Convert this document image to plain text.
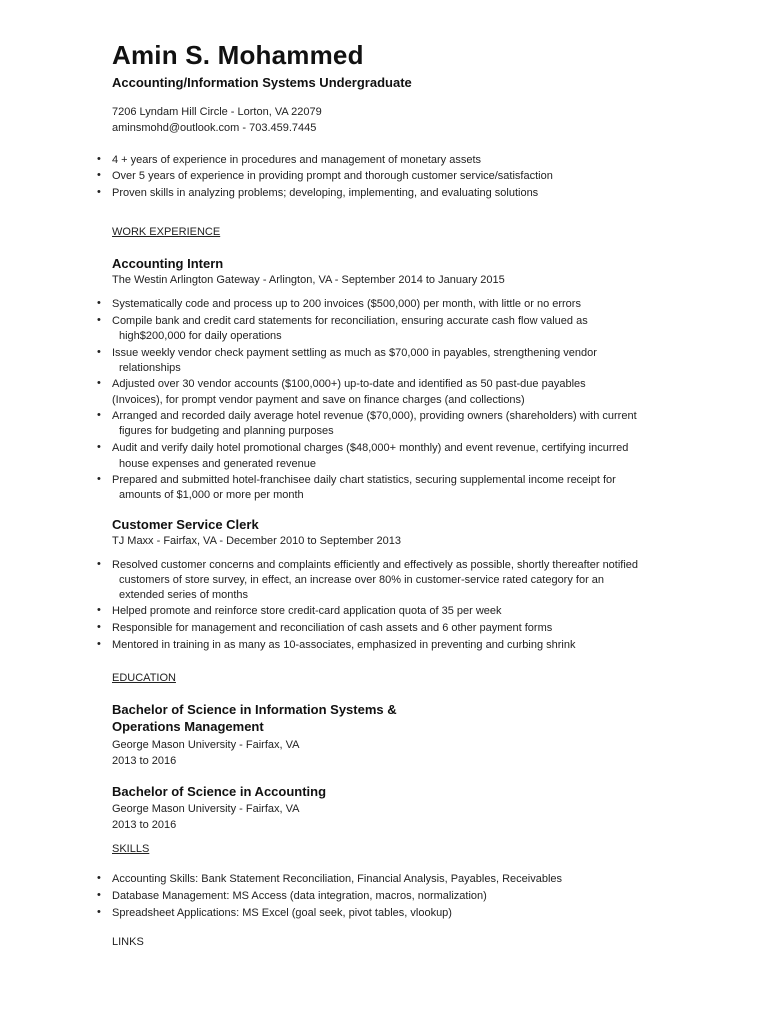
Amin S. Mohammed
Accounting/Information Systems Undergraduate
7206 Lyndam Hill Circle - Lorton, VA 22079
aminsmohd@outlook.com - 703.459.7445
• 4 + years of experience in procedures and management of monetary assets
• Over 5 years of experience in providing prompt and thorough customer service/satisfaction
• Proven skills in analyzing problems; developing, implementing, and evaluating solutions
WORK EXPERIENCE
Accounting Intern
The Westin Arlington Gateway - Arlington, VA - September 2014 to January 2015
• Systematically code and process up to 200 invoices ($500,000) per month, with little or no errors
• Compile bank and credit card statements for reconciliation, ensuring accurate cash flow valued as
high$200,000 for daily operations
• Issue weekly vendor check payment settling as much as $70,000 in payables, strengthening vendor
relationships
• Adjusted over 30 vendor accounts ($100,000+) up-to-date and identified as 50 past-due payables
(Invoices), for prompt vendor payment and save on finance charges (and collections)
• Arranged and recorded daily average hotel revenue ($70,000), providing owners (shareholders) with current
figures for budgeting and planning purposes
• Audit and verify daily hotel promotional charges ($48,000+ monthly) and event revenue, certifying incurred
house expenses and generated revenue
• Prepared and submitted hotel-franchisee daily chart statistics, securing supplemental income receipt for
amounts of $1,000 or more per month
Customer Service Clerk
TJ Maxx - Fairfax, VA - December 2010 to September 2013
• Resolved customer concerns and complaints efficiently and effectively as possible, shortly thereafter notified
customers of store survey, in effect, an increase over 80% in customer-service rated category for an
extended series of months
• Helped promote and reinforce store credit-card application quota of 35 per week
• Responsible for management and reconciliation of cash assets and 6 other payment forms
• Mentored in training in as many as 10-associates, emphasized in preventing and curbing shrink
EDUCATION
Bachelor of Science in Information Systems &
Operations Management
George Mason University - Fairfax, VA
2013 to 2016
Bachelor of Science in Accounting
George Mason University - Fairfax, VA
2013 to 2016
SKILLS
• Accounting Skills: Bank Statement Reconciliation, Financial Analysis, Payables, Receivables
• Database Management: MS Access (data integration, macros, normalization)
• Spreadsheet Applications: MS Excel (goal seek, pivot tables, vlookup)
LINKS
